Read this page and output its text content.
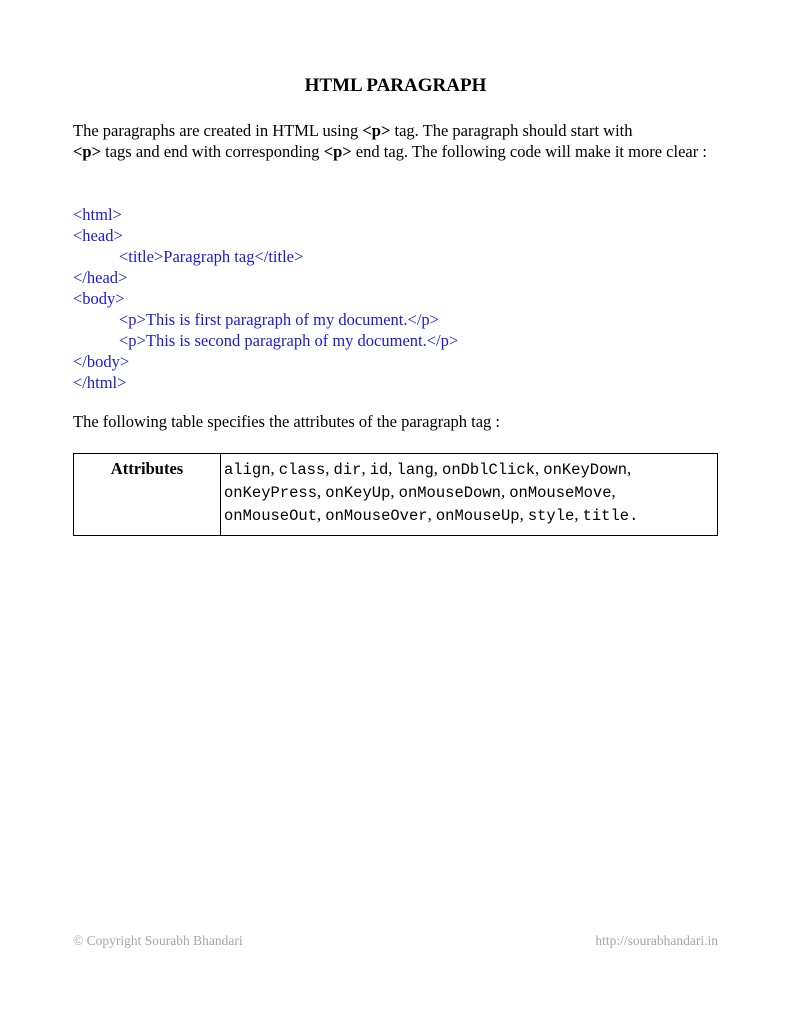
HTML PARAGRAPH
The paragraphs are created in HTML using <p> tag. The paragraph should start with
<p> tags and end with corresponding <p> end tag. The following code will make it more clear :
<html>
<head>
<title>Paragraph tag</title>
</head>
<body>
<p>This is first paragraph of my document.</p>
<p>This is second paragraph of my document.</p>
</body>
</html>
The following table specifies the attributes of the paragraph tag :
Attributes	align, class, dir, id, lang, onDblClick, onKeyDown,
onKeyPress, onKeyUp, onMouseDown, onMouseMove,
onMouseOut, onMouseOver, onMouseUp, style, title.
© Copyright Sourabh Bhandari	http://sourabhandari.in
